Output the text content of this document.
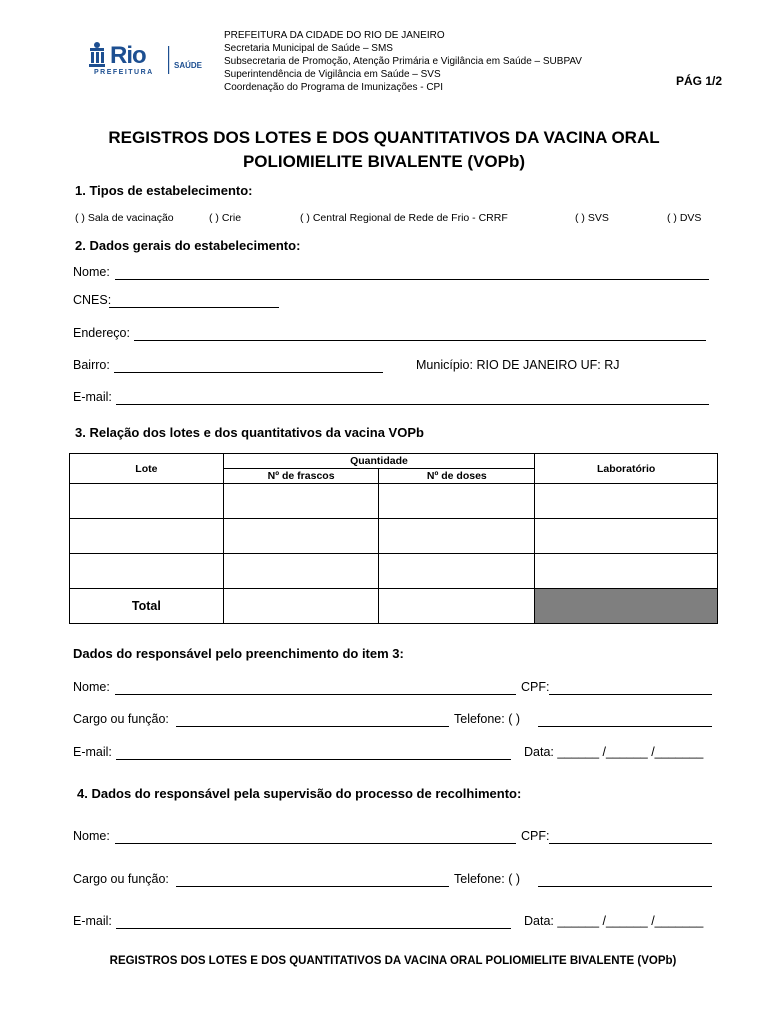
Rio
PREFEITURA
SAÚDE
PREFEITURA DA CIDADE DO RIO DE JANEIRO
Secretaria Municipal de Saúde – SMS
Subsecretaria de Promoção, Atenção Primária e Vigilância em Saúde – SUBPAV
Superintendência de Vigilância em Saúde – SVS
Coordenação do Programa de Imunizações - CPI	PÁG 1/2
REGISTROS DOS LOTES E DOS QUANTITATIVOS DA VACINA ORAL
POLIOMIELITE BIVALENTE (VOPb)
1. Tipos de estabelecimento:
( ) Sala de vacinação	( ) Crie	( ) Central Regional de Rede de Frio - CRRF	( ) SVS	( ) DVS
2. Dados gerais do estabelecimento:
Nome:
CNES:
Endereço:
Bairro:	Município: RIO DE JANEIRO UF: RJ
E-mail:
3. Relação dos lotes e dos quantitativos da vacina VOPb
Lote	Quantidade		Laboratório
	Nº de frascos	Nº de doses	

Total			
Dados do responsável pelo preenchimento do item 3:
Nome:	CPF:
Cargo ou função:	Telefone: ( )
E-mail:	Data: ______ /______ /_______
4. Dados do responsável pela supervisão do processo de recolhimento:
Nome:	CPF:
Cargo ou função:	Telefone: ( )
E-mail:	Data: ______ /______ /_______
REGISTROS DOS LOTES E DOS QUANTITATIVOS DA VACINA ORAL POLIOMIELITE BIVALENTE (VOPb)
